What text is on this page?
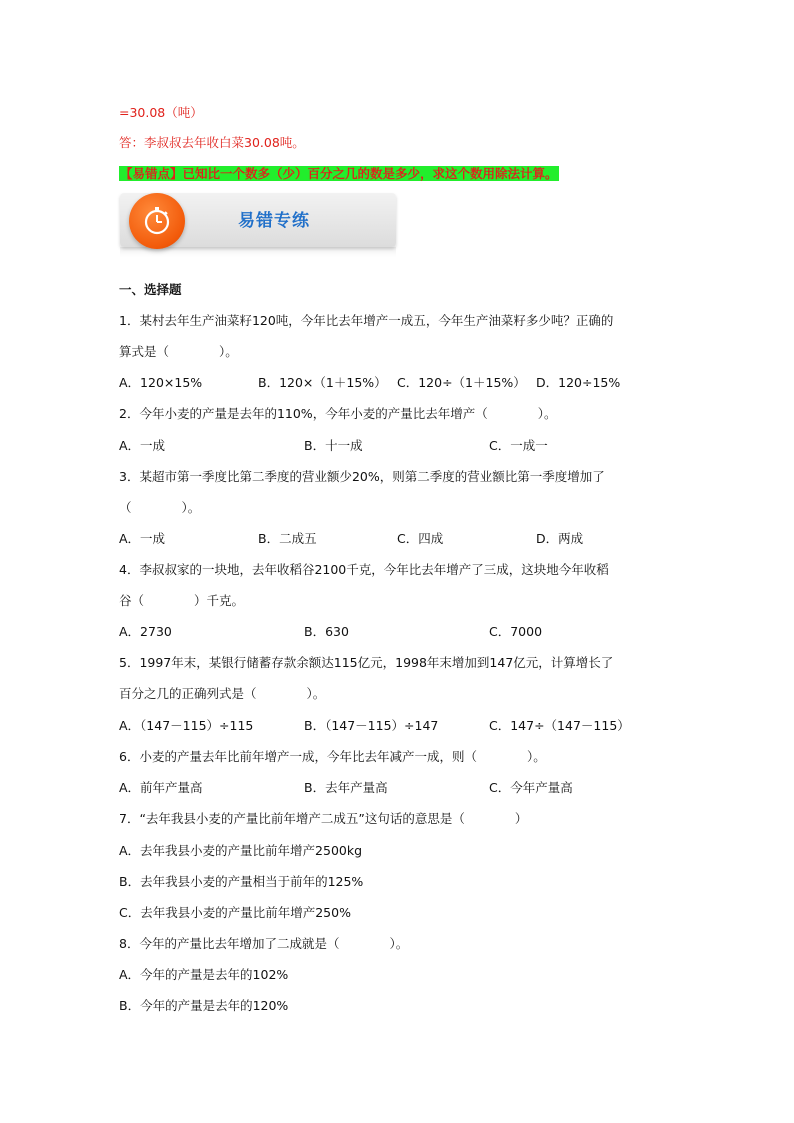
=30.08（吨）
答：李叔叔去年收白菜30.08吨。
【易错点】已知比一个数多（少）百分之几的数是多少，求这个数用除法计算。
易错专练
一、选择题
1．某村去年生产油菜籽120吨，今年比去年增产一成五，今年生产油菜籽多少吨？正确的
算式是（　　　　）。
A．120×15%	B．120×（1＋15%） C．120÷（1＋15%） D．120÷15%
2．今年小麦的产量是去年的110%，今年小麦的产量比去年增产（　　　　）。
A．一成	B．十一成	C．一成一
3．某超市第一季度比第二季度的营业额少20%，则第二季度的营业额比第一季度增加了
（　　　　）。
A．一成	B．二成五	C．四成	D．两成
4．李叔叔家的一块地，去年收稻谷2100千克，今年比去年增产了三成，这块地今年收稻
谷（　　　　）千克。
A．2730	B．630	C．7000
5．1997年末，某银行储蓄存款余额达115亿元，1998年末增加到147亿元，计算增长了
百分之几的正确列式是（　　　　）。
A．（147－115）÷115	B．（147－115）÷147	C．147÷（147－115）
6．小麦的产量去年比前年增产一成，今年比去年减产一成，则（　　　　）。
A．前年产量高	B．去年产量高	C．今年产量高
7．“去年我县小麦的产量比前年增产二成五”这句话的意思是（　　　　）
A．去年我县小麦的产量比前年增产2500kg
B．去年我县小麦的产量相当于前年的125%
C．去年我县小麦的产量比前年增产250%
8．今年的产量比去年增加了二成就是（　　　　）。
A．今年的产量是去年的102%
B．今年的产量是去年的120%
